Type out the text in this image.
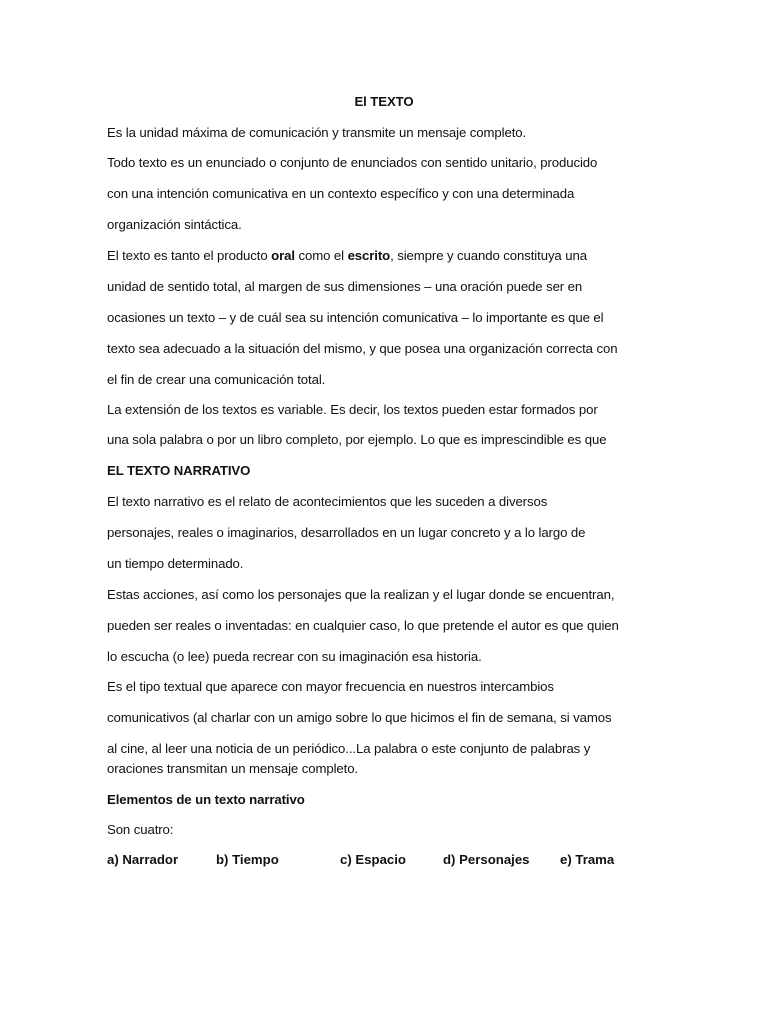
El TEXTO
Es la unidad máxima de comunicación y transmite un mensaje completo.
Todo texto es un enunciado o conjunto de enunciados con sentido unitario, producido
con una intención comunicativa en un contexto específico y con una determinada
organización sintáctica.
El texto es tanto el producto oral como el escrito, siempre y cuando constituya una
unidad de sentido total, al margen de sus dimensiones – una oración puede ser en
ocasiones un texto – y de cuál sea su intención comunicativa – lo importante es que el
texto sea adecuado a la situación del mismo, y que posea una organización correcta con
el fin de crear una comunicación total.
La extensión de los textos es variable. Es decir, los textos pueden estar formados por
una sola palabra o por un libro completo, por ejemplo. Lo que es imprescindible es que
EL TEXTO NARRATIVO
El texto narrativo es el relato de acontecimientos que les suceden a diversos
personajes, reales o imaginarios, desarrollados en un lugar concreto y a lo largo de
un tiempo determinado.
Estas acciones, así como los personajes que la realizan y el lugar donde se encuentran,
pueden ser reales o inventadas: en cualquier caso, lo que pretende el autor es que quien
lo escucha (o lee) pueda recrear con su imaginación esa historia.
Es el tipo textual que aparece con mayor frecuencia en nuestros intercambios
comunicativos (al charlar con un amigo sobre lo que hicimos el fin de semana, si vamos
al cine, al leer una noticia de un periódico...La palabra o este conjunto de palabras y
oraciones transmitan un mensaje completo.
Elementos de un texto narrativo
Son cuatro:
a) Narrador	b) Tiempo	c) Espacio	d) Personajes e) Trama
